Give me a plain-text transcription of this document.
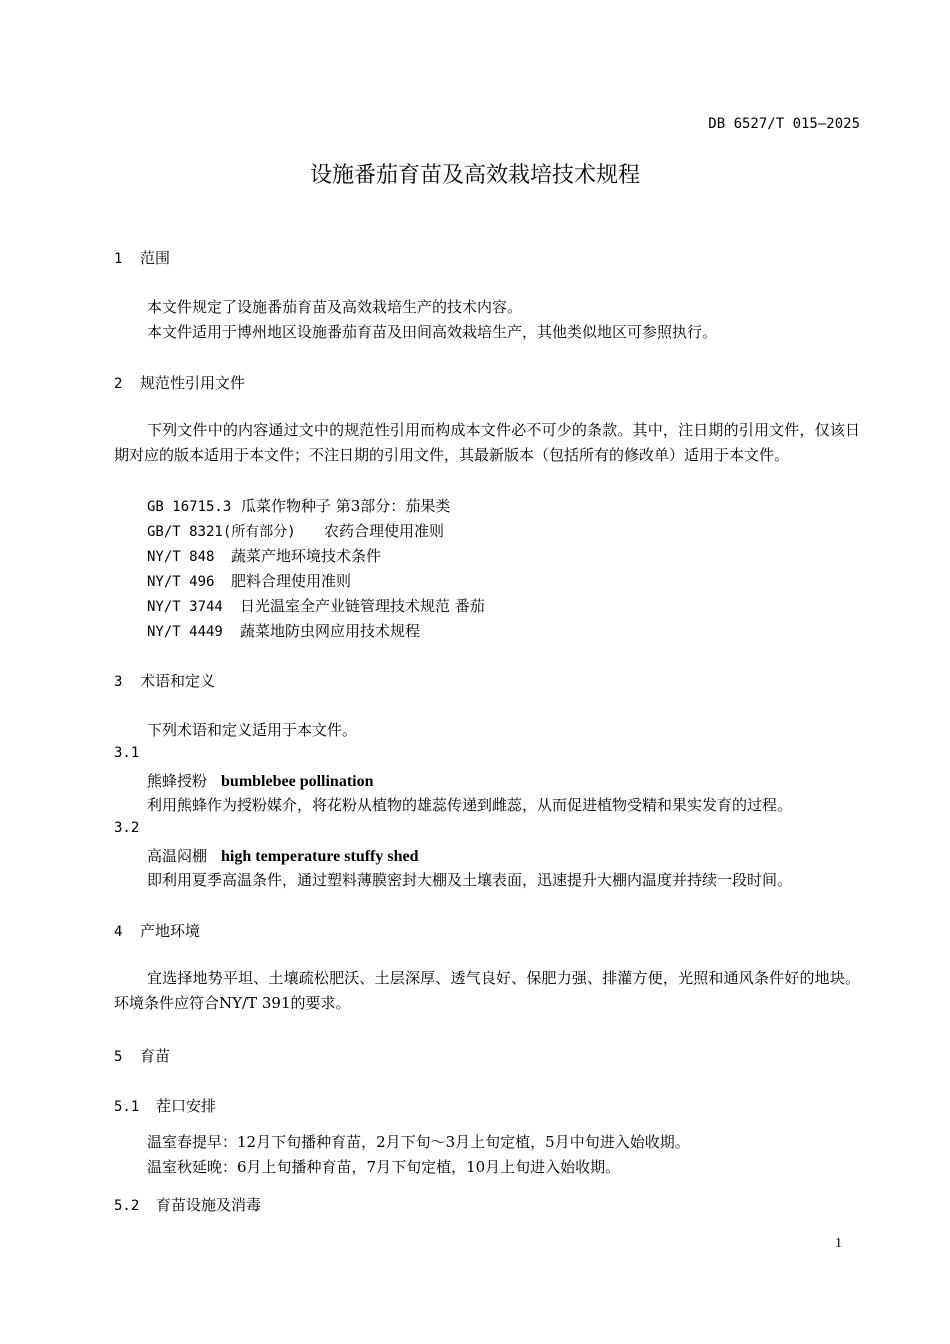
DB 6527/T 015—2025
设施番茄育苗及高效栽培技术规程
1 范围
本文件规定了设施番茄育苗及高效栽培生产的技术内容。
本文件适用于博州地区设施番茄育苗及田间高效栽培生产，其他类似地区可参照执行。
2 规范性引用文件
下列文件中的内容通过文中的规范性引用而构成本文件必不可少的条款。其中，注日期的引用文件，仅该日期对应的版本适用于本文件；不注日期的引用文件，其最新版本（包括所有的修改单）适用于本文件。
GB 16715.3 瓜菜作物种子 第3部分：茄果类
GB/T 8321(所有部分) 农药合理使用准则
NY/T 848 蔬菜产地环境技术条件
NY/T 496 肥料合理使用准则
NY/T 3744 日光温室全产业链管理技术规范 番茄
NY/T 4449 蔬菜地防虫网应用技术规程
3 术语和定义
下列术语和定义适用于本文件。
3.1
熊蜂授粉 bumblebee pollination
利用熊蜂作为授粉媒介，将花粉从植物的雄蕊传递到雌蕊，从而促进植物受精和果实发育的过程。
3.2
高温闷棚 high temperature stuffy shed
即利用夏季高温条件，通过塑料薄膜密封大棚及土壤表面，迅速提升大棚内温度并持续一段时间。
4 产地环境
宜选择地势平坦、土壤疏松肥沃、土层深厚、透气良好、保肥力强、排灌方便，光照和通风条件好的地块。环境条件应符合NY/T 391的要求。
5 育苗
5.1 茬口安排
温室春提早：12月下旬播种育苗，2月下旬～3月上旬定植，5月中旬进入始收期。
温室秋延晚：6月上旬播种育苗，7月下旬定植，10月上旬进入始收期。
5.2 育苗设施及消毒
1
